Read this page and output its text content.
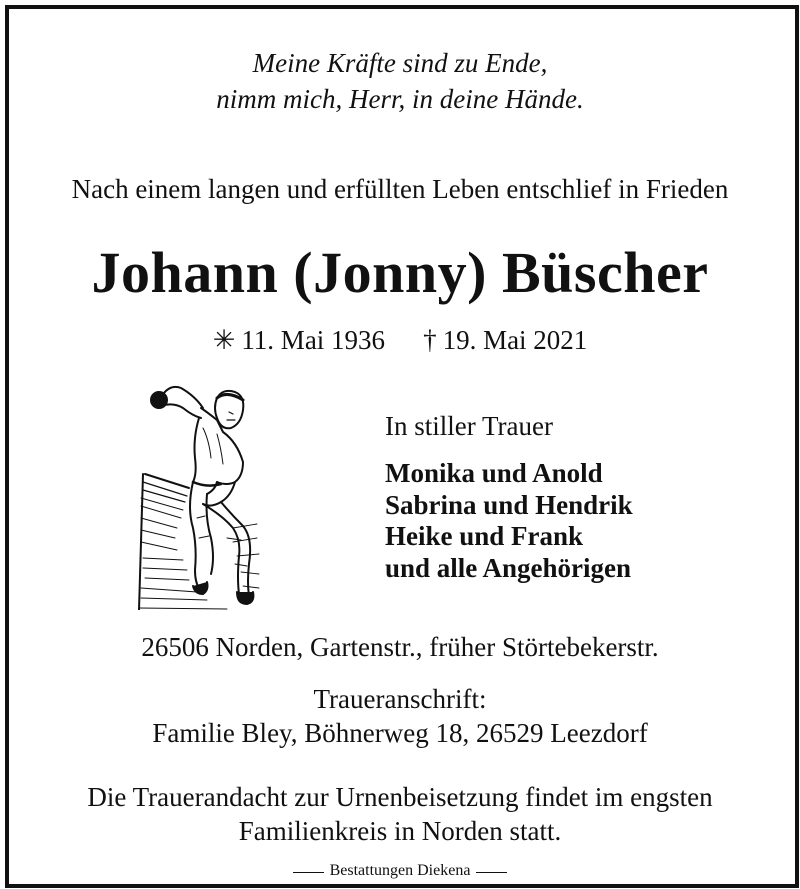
Meine Kräfte sind zu Ende,
nimm mich, Herr, in deine Hände.
Nach einem langen und erfüllten Leben entschlief in Frieden
Johann (Jonny) Büscher
✳ 11. Mai 1936 † 19. Mai 2021
In stiller Trauer
Monika und Anold
Sabrina und Hendrik
Heike und Frank
und alle Angehörigen
26506 Norden, Gartenstr., früher Störtebekerstr.
Traueranschrift:
Familie Bley, Böhnerweg 18, 26529 Leezdorf
Die Trauerandacht zur Urnenbeisetzung findet im engsten
Familienkreis in Norden statt.
Bestattungen Diekena
